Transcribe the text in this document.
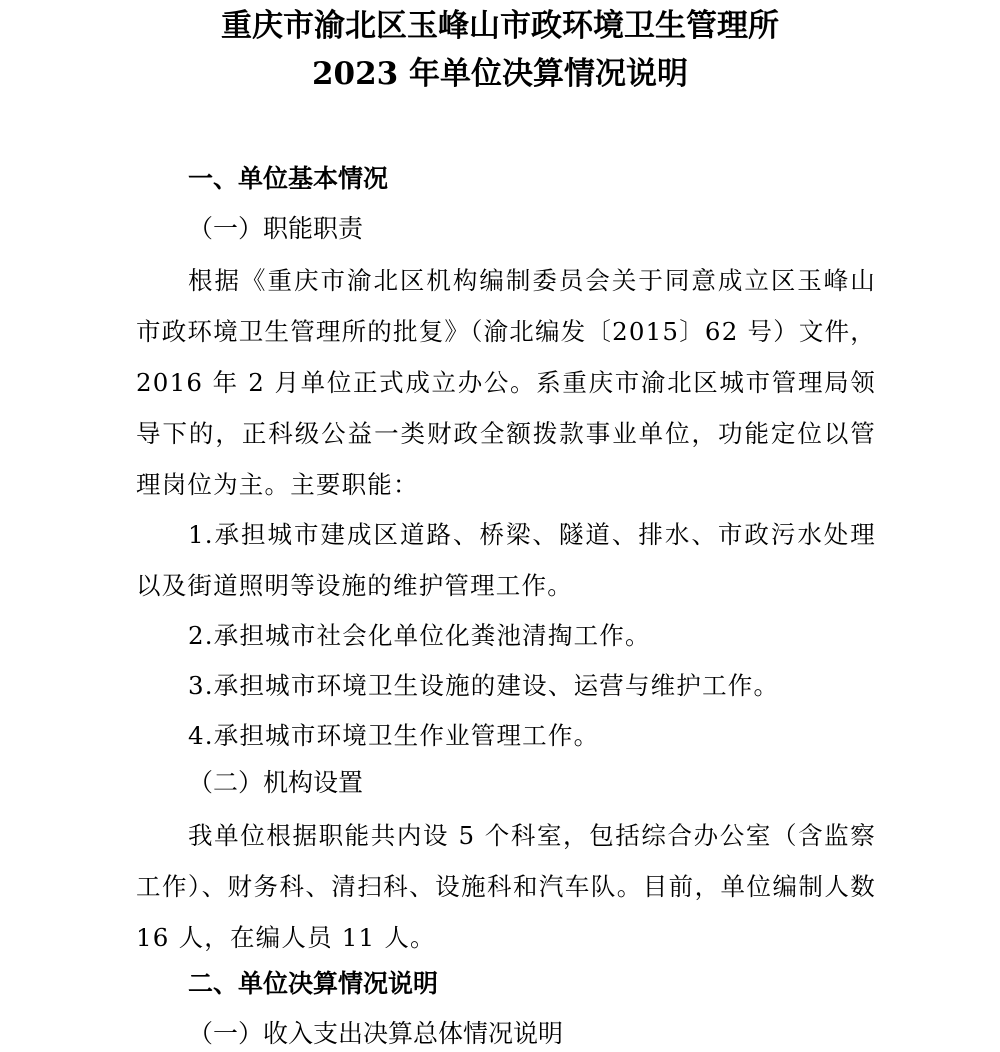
重庆市渝北区玉峰山市政环境卫生管理所
2023 年单位决算情况说明
一、单位基本情况
（一）职能职责

根据《重庆市渝北区机构编制委员会关于同意成立区玉峰山市政环境卫生管理所的批复》（渝北编发〔2015〕62 号）文件，2016 年 2 月单位正式成立办公。系重庆市渝北区城市管理局领导下的，正科级公益一类财政全额拨款事业单位，功能定位以管理岗位为主。主要职能：

1.承担城市建成区道路、桥梁、隧道、排水、市政污水处理以及街道照明等设施的维护管理工作。

2.承担城市社会化单位化粪池清掏工作。

3.承担城市环境卫生设施的建设、运营与维护工作。

4.承担城市环境卫生作业管理工作。

（二）机构设置

我单位根据职能共内设 5 个科室，包括综合办公室（含监察工作）、财务科、清扫科、设施科和汽车队。目前，单位编制人数 16 人，在编人员 11 人。

二、单位决算情况说明
（一）收入支出决算总体情况说明
